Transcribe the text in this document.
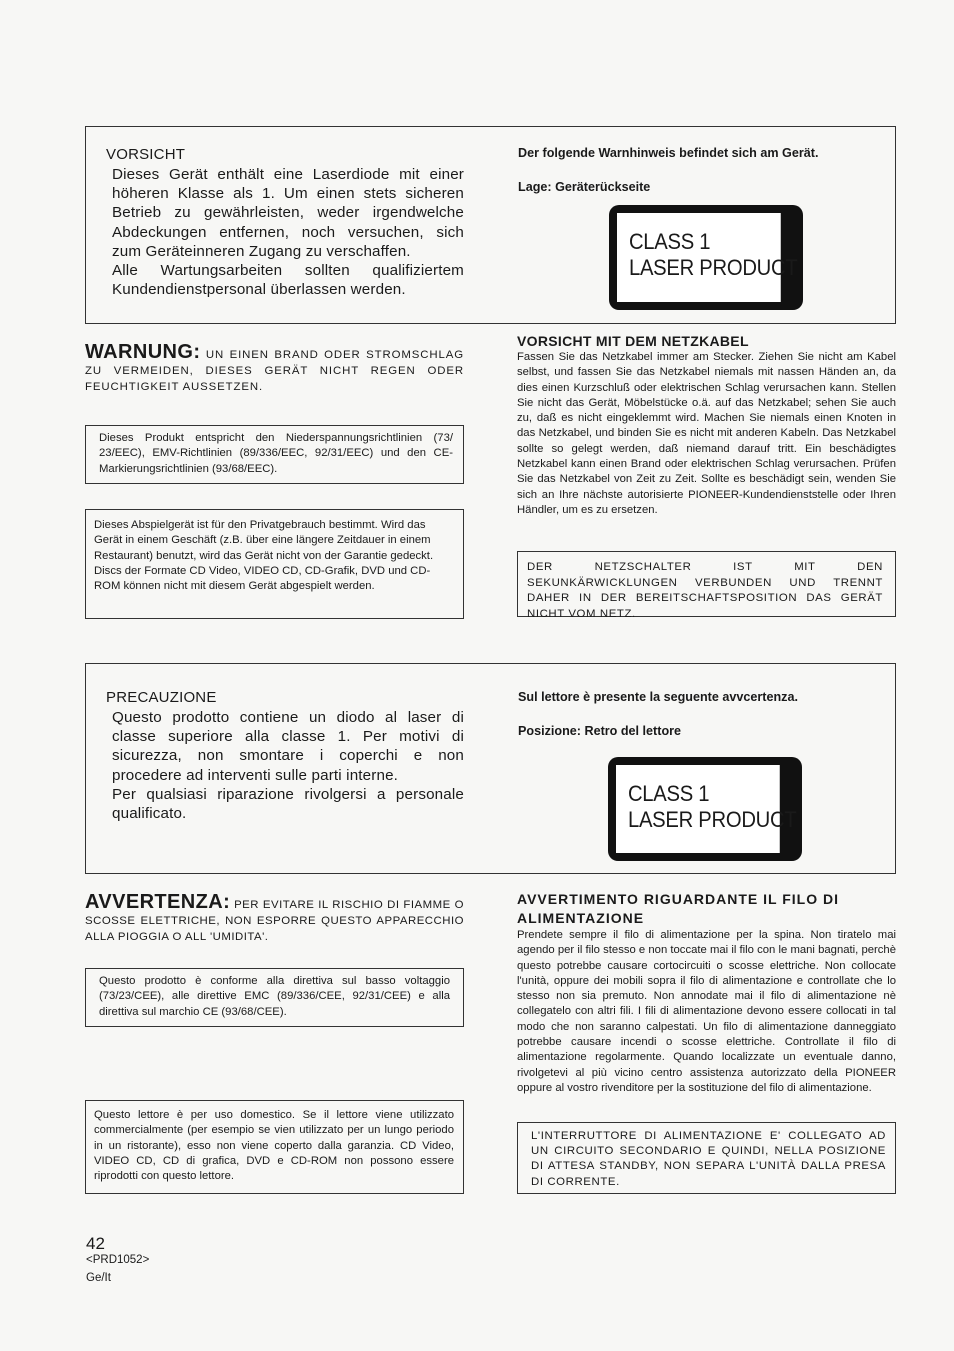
VORSICHT

Dieses Gerät enthält eine Laserdiode mit einer höheren Klasse als 1. Um einen stets sicheren Betrieb zu gewährleisten, weder irgendwelche Abdeckungen entfernen, noch versuchen, sich zum Geräteinneren Zugang zu verschaffen.

Alle Wartungsarbeiten sollten qualifiziertem Kundendienstpersonal überlassen werden.

Der folgende Warnhinweis befindet sich am Gerät.
Lage: Geräterückseite
CLASS 1
LASER PRODUCT
WARNUNG: UN EINEN BRAND ODER STROMSCHLAG ZU VERMEIDEN, DIESES GERÄT NICHT REGEN ODER FEUCHTIGKEIT AUSSETZEN.
Dieses Produkt entspricht den Niederspannungsrichtlinien (73/ 23/EEC), EMV-Richtlinien (89/336/EEC, 92/31/EEC) und den CE-Markierungsrichtlinien (93/68/EEC).
Dieses Abspielgerät ist für den Privatgebrauch bestimmt. Wird das Gerät in einem Geschäft (z.B. über eine längere Zeitdauer in einem Restaurant) benutzt, wird das Gerät nicht von der Garantie gedeckt.
Discs der Formate CD Video, VIDEO CD, CD-Grafik, DVD und CD-ROM können nicht mit diesem Gerät abgespielt werden.
VORSICHT MIT DEM NETZKABEL
Fassen Sie das Netzkabel immer am Stecker. Ziehen Sie nicht am Kabel selbst, und fassen Sie das Netzkabel niemals mit nassen Händen an, da dies einen Kurzschluß oder elektrischen Schlag verursachen kann. Stellen Sie nicht das Gerät, Möbelstücke o.ä. auf das Netzkabel; sehen Sie auch zu, daß es nicht eingeklemmt wird. Machen Sie niemals einen Knoten in das Netzkabel, und binden Sie es nicht mit anderen Kabeln. Das Netzkabel sollte so gelegt werden, daß niemand darauf tritt. Ein beschädigtes Netzkabel kann einen Brand oder elektrischen Schlag verursachen. Prüfen Sie das Netzkabel von Zeit zu Zeit. Sollte es beschädigt sein, wenden Sie sich an Ihre nächste autorisierte PIONEER-Kundendienststelle oder Ihren Händler, um es zu ersetzen.
DER NETZSCHALTER IST MIT DEN SEKUNKÄRWICKLUNGEN VERBUNDEN UND TRENNT DAHER IN DER BEREITSCHAFTSPOSITION DAS GERÄT NICHT VOM NETZ.
PRECAUZIONE

Questo prodotto contiene un diodo al laser di classe superiore alla classe 1. Per motivi di sicurezza, non smontare i coperchi e non procedere ad interventi sulle parti interne.

Per qualsiasi riparazione rivolgersi a personale qualificato.

Sul lettore è presente la seguente avvcertenza.
Posizione: Retro del lettore
CLASS 1
LASER PRODUCT
AVVERTENZA: PER EVITARE IL RISCHIO DI FIAMME O SCOSSE ELETTRICHE, NON ESPORRE QUESTO APPARECCHIO ALLA PIOGGIA O ALL 'UMIDITA'.
Questo prodotto è conforme alla direttiva sul basso voltaggio (73/23/CEE), alle direttive EMC (89/336/CEE, 92/31/CEE) e alla direttiva sul marchio CE (93/68/CEE).
Questo lettore è per uso domestico. Se il lettore viene utilizzato commercialmente (per esempio se vien utilizzato per un lungo periodo in un ristorante), esso non viene coperto dalla garanzia. CD Video, VIDEO CD, CD di grafica, DVD e CD-ROM non possono essere riprodotti con questo lettore.
AVVERTIMENTO RIGUARDANTE IL FILO DI ALIMENTAZIONE
Prendete sempre il filo di alimentazione per la spina. Non tiratelo mai agendo per il filo stesso e non toccate mai il filo con le mani bagnati, perchè questo potrebbe causare cortocircuiti o scosse elettriche. Non collocate l'unità, oppure dei mobili sopra il filo di alimentazione e controllate che lo stesso non sia premuto. Non annodate mai il filo di alimentazione nè collegatelo con altri fili. I fili di alimentazione devono essere collocati in tal modo che non saranno calpestati. Un filo di alimentazione danneggiato potrebbe causare incendi o scosse elettriche. Controllate il filo di alimentazione regolarmente. Quando localizzate un eventuale danno, rivolgetevi al più vicino centro assistenza autorizzato della PIONEER oppure al vostro rivenditore per la sostituzione del filo di alimentazione.
L'INTERRUTTORE DI ALIMENTAZIONE E' COLLEGATO AD UN CIRCUITO SECONDARIO E QUINDI, NELLA POSIZIONE DI ATTESA STANDBY, NON SEPARA L'UNITÀ DALLA PRESA DI CORRENTE.
42
<PRD1052>
Ge/It
